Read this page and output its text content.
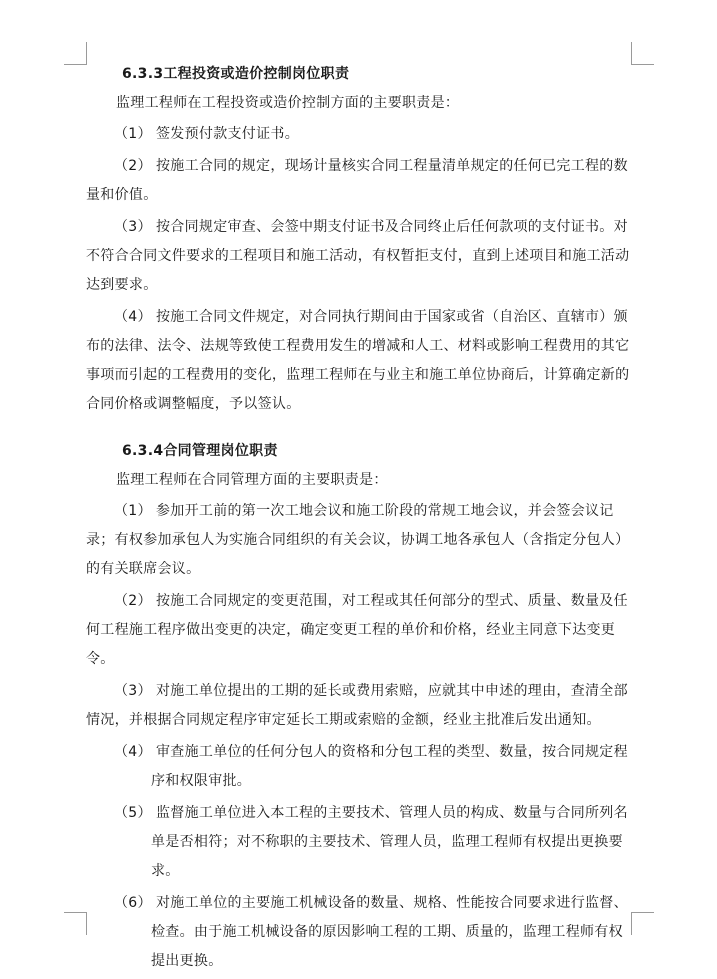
6.3.3工程投资或造价控制岗位职责

监理工程师在工程投资或造价控制方面的主要职责是：

（1） 签发预付款支付证书。

（2） 按施工合同的规定，现场计量核实合同工程量清单规定的任何已完工程的数量和价值。

（3） 按合同规定审查、会签中期支付证书及合同终止后任何款项的支付证书。对不符合合同文件要求的工程项目和施工活动，有权暂拒支付，直到上述项目和施工活动达到要求。

（4） 按施工合同文件规定，对合同执行期间由于国家或省（自治区、直辖市）颁布的法律、法令、法规等致使工程费用发生的增减和人工、材料或影响工程费用的其它事项而引起的工程费用的变化，监理工程师在与业主和施工单位协商后，计算确定新的合同价格或调整幅度，予以签认。

6.3.4合同管理岗位职责

监理工程师在合同管理方面的主要职责是：

（1） 参加开工前的第一次工地会议和施工阶段的常规工地会议，并会签会议记录；有权参加承包人为实施合同组织的有关会议，协调工地各承包人（含指定分包人）的有关联席会议。

（2） 按施工合同规定的变更范围，对工程或其任何部分的型式、质量、数量及任何工程施工程序做出变更的决定，确定变更工程的单价和价格，经业主同意下达变更令。

（3） 对施工单位提出的工期的延长或费用索赔，应就其中申述的理由，查清全部情况，并根据合同规定程序审定延长工期或索赔的金额，经业主批准后发出通知。

（4） 审查施工单位的任何分包人的资格和分包工程的类型、数量，按合同规定程序和权限审批。

（5） 监督施工单位进入本工程的主要技术、管理人员的构成、数量与合同所列名单是否相符；对不称职的主要技术、管理人员，监理工程师有权提出更换要求。

（6） 对施工单位的主要施工机械设备的数量、规格、性能按合同要求进行监督、检查。由于施工机械设备的原因影响工程的工期、质量的，监理工程师有权提出更换。
